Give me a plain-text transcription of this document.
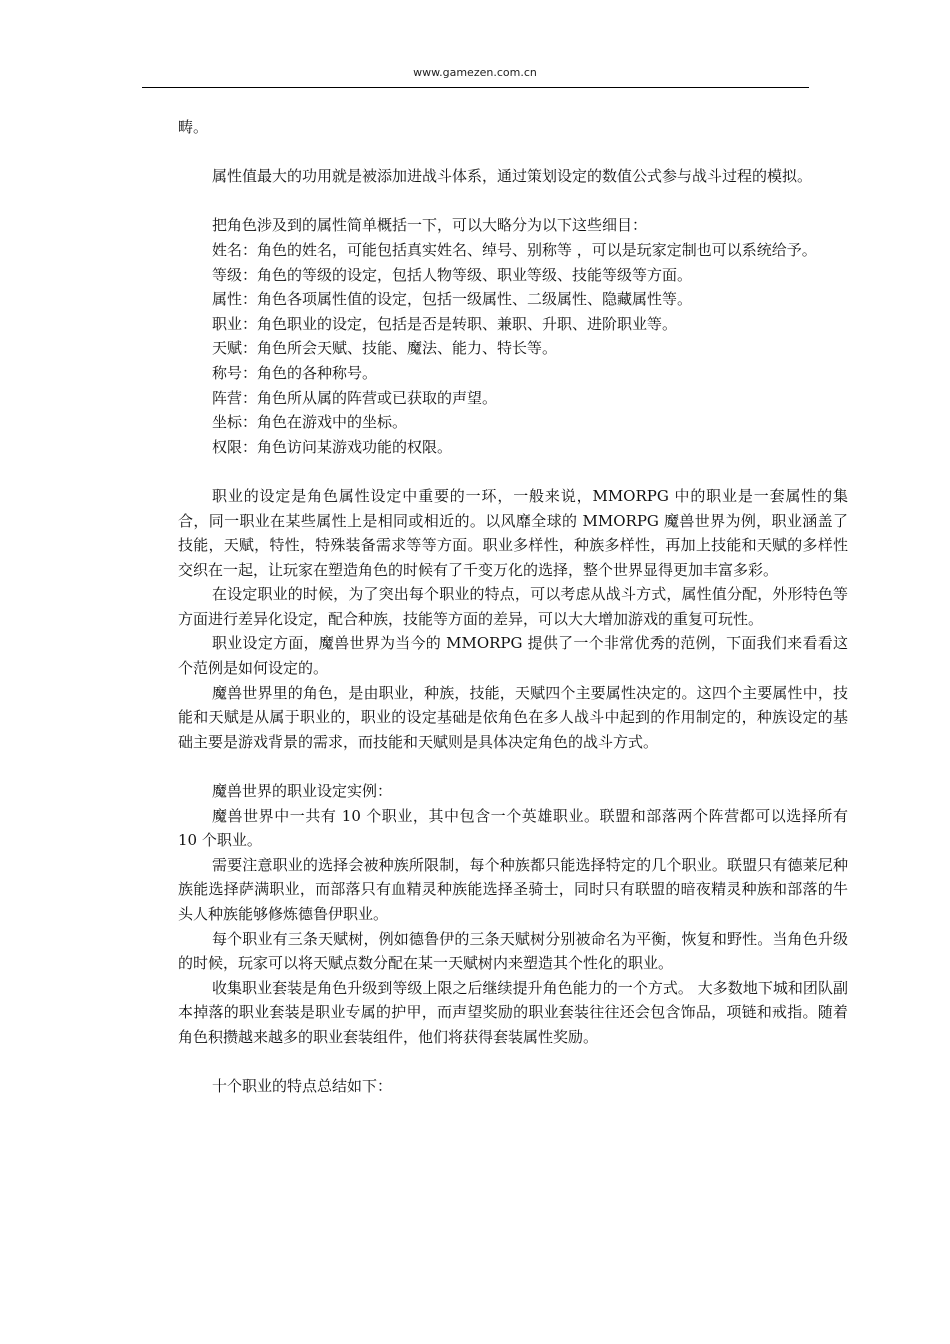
www.gamezen.com.cn

畴。

属性值最大的功用就是被添加进战斗体系，通过策划设定的数值公式参与战斗过程的模拟。

把角色涉及到的属性简单概括一下，可以大略分为以下这些细目：

姓名：角色的姓名，可能包括真实姓名、绰号、别称等 ，可以是玩家定制也可以系统给予。

等级：角色的等级的设定，包括人物等级、职业等级、技能等级等方面。

属性：角色各项属性值的设定，包括一级属性、二级属性、隐藏属性等。

职业：角色职业的设定，包括是否是转职、兼职、升职、进阶职业等。

天赋：角色所会天赋、技能、魔法、能力、特长等。

称号：角色的各种称号。

阵营：角色所从属的阵营或已获取的声望。

坐标：角色在游戏中的坐标。

权限：角色访问某游戏功能的权限。

职业的设定是角色属性设定中重要的一环，一般来说，MMORPG 中的职业是一套属性的集合，同一职业在某些属性上是相同或相近的。以风靡全球的 MMORPG 魔兽世界为例，职业涵盖了技能，天赋，特性，特殊装备需求等等方面。职业多样性，种族多样性，再加上技能和天赋的多样性交织在一起，让玩家在塑造角色的时候有了千变万化的选择，整个世界显得更加丰富多彩。

在设定职业的时候，为了突出每个职业的特点，可以考虑从战斗方式，属性值分配，外形特色等方面进行差异化设定，配合种族，技能等方面的差异，可以大大增加游戏的重复可玩性。

职业设定方面，魔兽世界为当今的 MMORPG 提供了一个非常优秀的范例，下面我们来看看这个范例是如何设定的。

魔兽世界里的角色，是由职业，种族，技能，天赋四个主要属性决定的。这四个主要属性中，技能和天赋是从属于职业的，职业的设定基础是依角色在多人战斗中起到的作用制定的，种族设定的基础主要是游戏背景的需求，而技能和天赋则是具体决定角色的战斗方式。

魔兽世界的职业设定实例：

魔兽世界中一共有 10 个职业，其中包含一个英雄职业。联盟和部落两个阵营都可以选择所有 10 个职业。

需要注意职业的选择会被种族所限制，每个种族都只能选择特定的几个职业。联盟只有德莱尼种族能选择萨满职业，而部落只有血精灵种族能选择圣骑士，同时只有联盟的暗夜精灵种族和部落的牛头人种族能够修炼德鲁伊职业。

每个职业有三条天赋树，例如德鲁伊的三条天赋树分别被命名为平衡，恢复和野性。当角色升级的时候，玩家可以将天赋点数分配在某一天赋树内来塑造其个性化的职业。

收集职业套装是角色升级到等级上限之后继续提升角色能力的一个方式。 大多数地下城和团队副本掉落的职业套装是职业专属的护甲，而声望奖励的职业套装往往还会包含饰品，项链和戒指。随着角色积攒越来越多的职业套装组件，他们将获得套装属性奖励。

十个职业的特点总结如下：
